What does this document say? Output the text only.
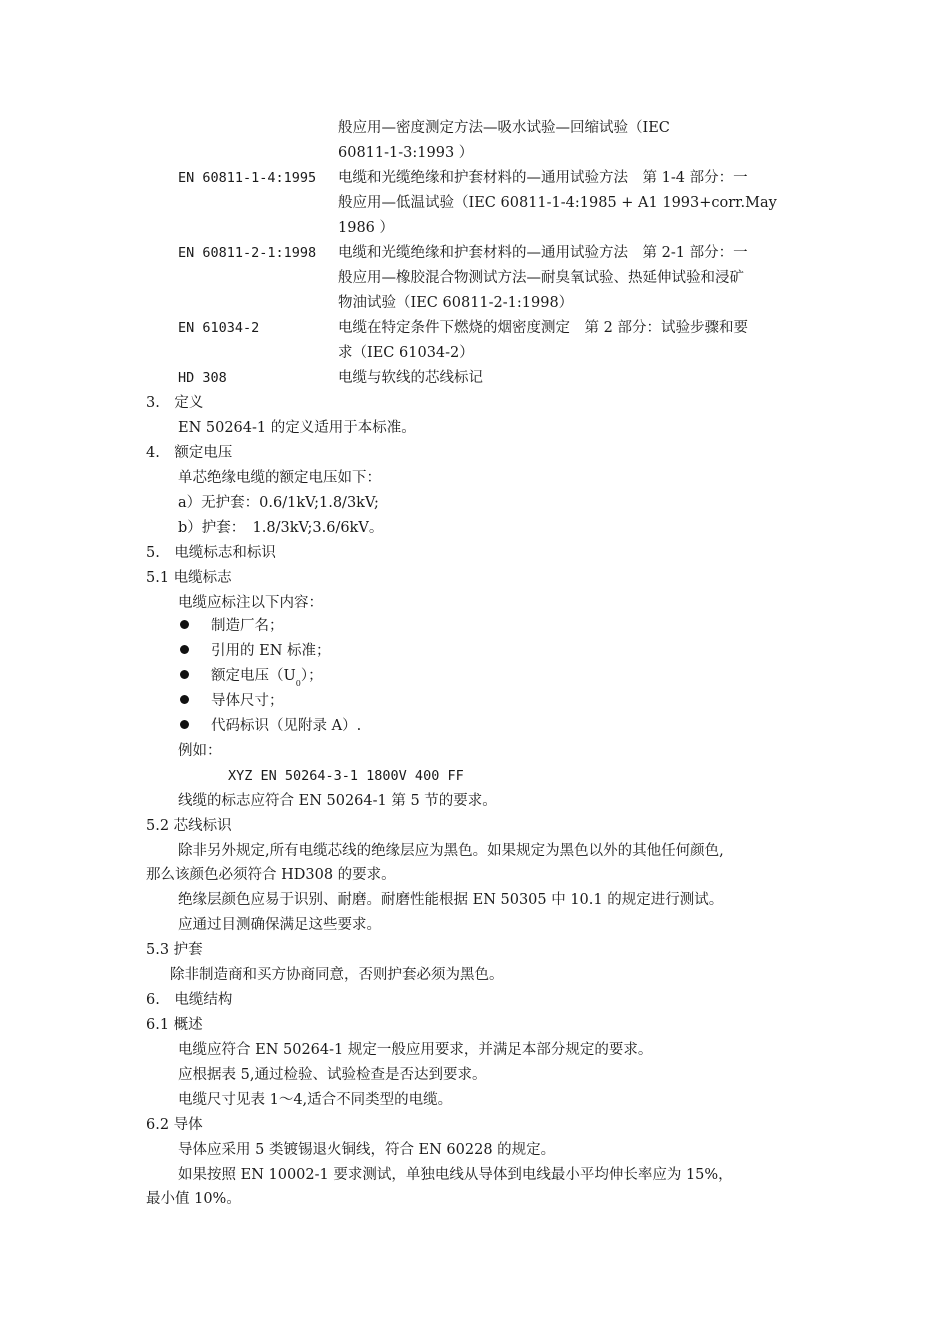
般应用—密度测定方法—吸水试验—回缩试验（IEC
60811-1-3:1993 ）
EN 60811-1-4:1995 电缆和光缆绝缘和护套材料的—通用试验方法　第 1-4 部分：一
般应用—低温试验（IEC 60811-1-4:1985 + A1 1993+corr.May
1986 ）
EN 60811-2-1:1998 电缆和光缆绝缘和护套材料的—通用试验方法　第 2-1 部分：一
般应用—橡胶混合物测试方法—耐臭氧试验、热延伸试验和浸矿
物油试验（IEC 60811-2-1:1998）
EN 61034-2	电缆在特定条件下燃烧的烟密度测定　第 2 部分：试验步骤和要
求（IEC 61034-2）
HD 308	电缆与软线的芯线标记
3.　定义
EN 50264-1 的定义适用于本标准。
4.　额定电压
单芯绝缘电缆的额定电压如下：
a）无护套：0.6/1kV;1.8/3kV;
b）护套：　1.8/3kV;3.6/6kV。
5.　电缆标志和标识
5.1 电缆标志
电缆应标注以下内容：
制造厂名；
引用的 EN 标准；
额定电压$(U_0)$；
导体尺寸；
代码标识（见附录 A）.
例如：
XYZ EN 50264-3-1 1800V 400 FF
线缆的标志应符合 EN 50264-1 第 5 节的要求。
5.2 芯线标识
除非另外规定,所有电缆芯线的绝缘层应为黑色。如果规定为黑色以外的其他任何颜色,
那么该颜色必须符合 HD308 的要求。
绝缘层颜色应易于识别、耐磨。耐磨性能根据 EN 50305 中 10.1 的规定进行测试。
应通过目测确保满足这些要求。
5.3 护套
除非制造商和买方协商同意，否则护套必须为黑色。
6.　电缆结构
6.1 概述
电缆应符合 EN 50264-1 规定一般应用要求，并满足本部分规定的要求。
应根据表 5,通过检验、试验检查是否达到要求。
电缆尺寸见表 1～4,适合不同类型的电缆。
6.2 导体
导体应采用 5 类镀锡退火铜线，符合 EN 60228 的规定。
如果按照 EN 10002-1 要求测试，单独电线从导体到电线最小平均伸长率应为 15%，
最小值 10%。
